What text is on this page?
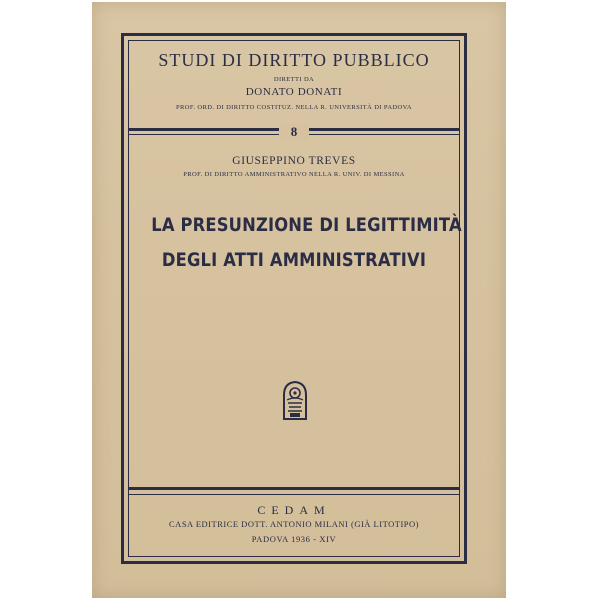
STUDI DI DIRITTO PUBBLICO
DIRETTI DA
DONATO DONATI
PROF. ORD. DI DIRITTO COSTITUZ. NELLA R. UNIVERSITÀ DI PADOVA
8
GIUSEPPINO TREVES
PROF. DI DIRITTO AMMINISTRATIVO NELLA R. UNIV. DI MESSINA
LA PRESUNZIONE DI LEGITTIMITÀ
DEGLI ATTI AMMINISTRATIVI
CEDAM
CASA EDITRICE DOTT. ANTONIO MILANI (GIÀ LITOTIPO)
PADOVA 1936 - XIV
